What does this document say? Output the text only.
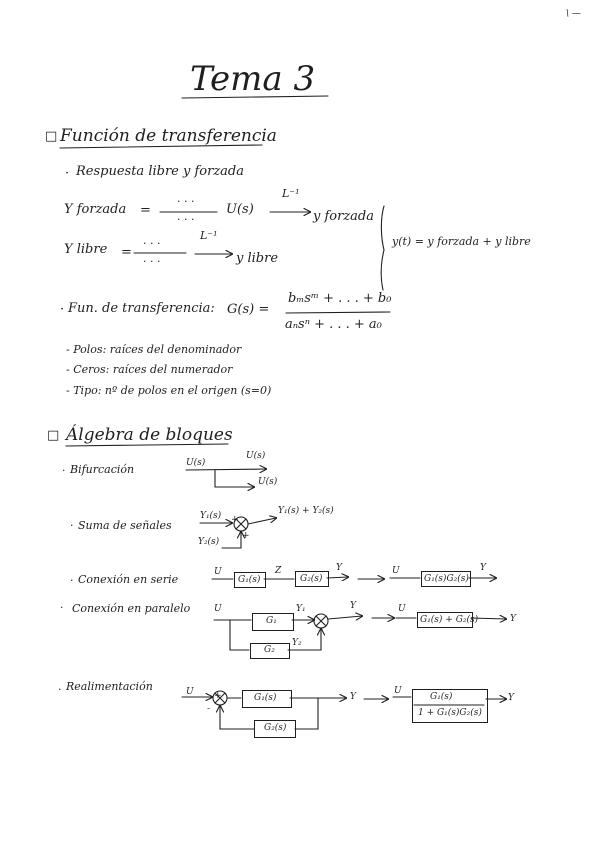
\ —
Tema 3
□ Función de transferencia
· Respuesta libre y forzada
Y forzada =
· · ·
· · ·
U(s)
L⁻¹
y forzada
Y libre =
· · ·
· · ·
L⁻¹
y libre
y(t) = y forzada + y libre
· Fun. de transferencia: G(s) =
bₘsᵐ + . . . + b₀
aₙsⁿ + . . . + a₀
- Polos: raíces del denominador
- Ceros: raíces del numerador
- Tipo: nº de polos en el origen (s=0)
□ Álgebra de bloques
· Bifurcación	U(s)
U(s)
U(s)
· Suma de señales
Y₁(s) +
+
Y₂(s)
Y₁(s) + Y₂(s)
· Conexión en serie
U
G₁(s)
Z
G₂(s)
Y	U
G₁(s)G₂(s)
Y
· Conexión en paralelo	U
G₁
Y₁
G₂
Y₂
Y	U
G₁(s) + G₂(s)	Y
· Realimentación	U +
-
G₁(s)	Y
G₂(s)
U
G₁(s)
1 + G₁(s)G₂(s)
Y
